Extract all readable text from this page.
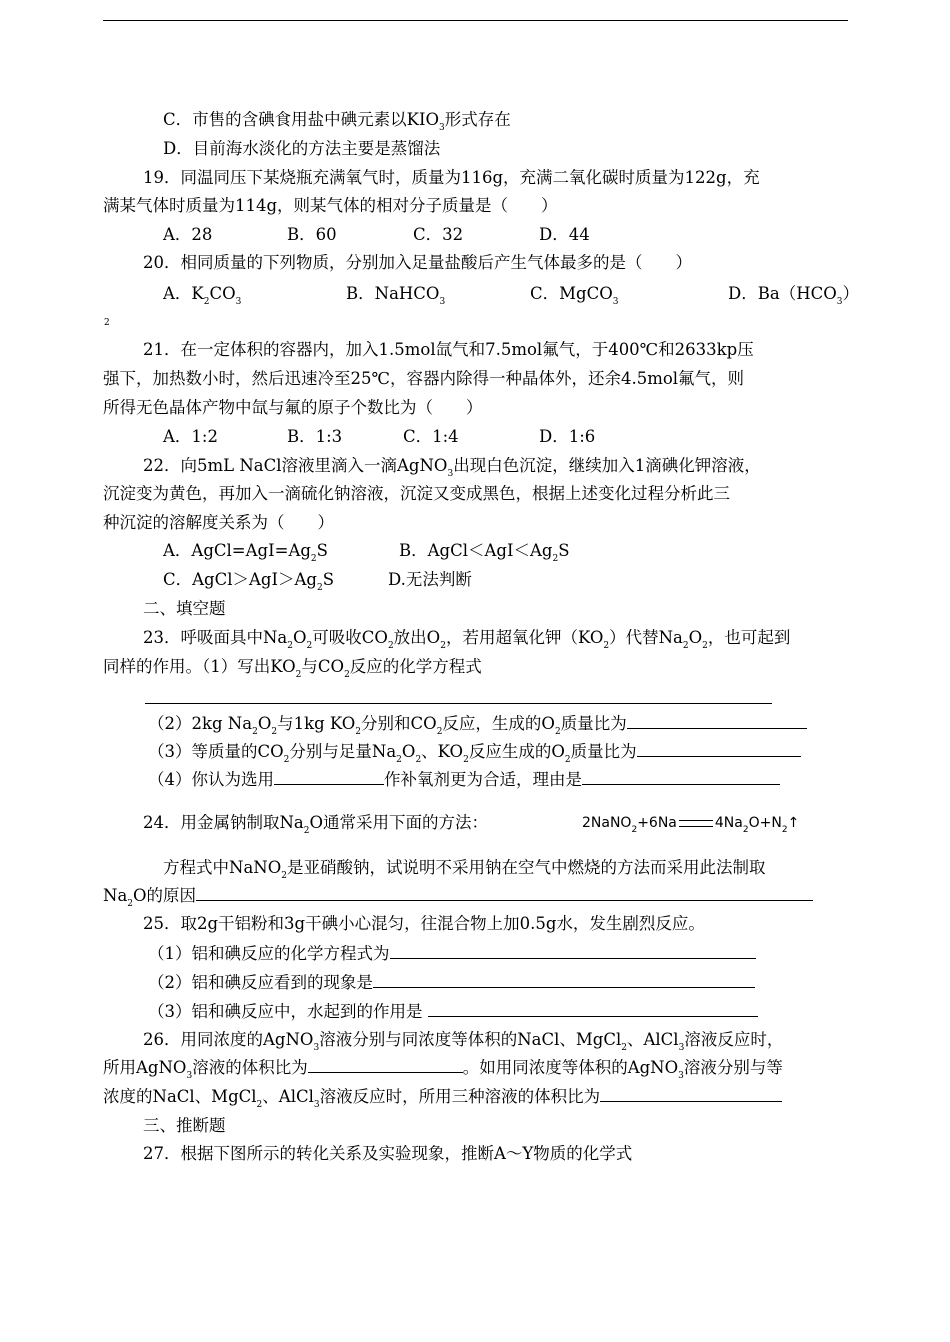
C．市售的含碘食用盐中碘元素以$KIO_3$形式存在
D．目前海水淡化的方法主要是蒸馏法
19．同温同压下某烧瓶充满氧气时，质量为116g，充满二氧化碳时质量为122g，充
满某气体时质量为114g，则某气体的相对分子质量是（　　）
A．28	B．60	C．32	D．44
20．相同质量的下列物质，分别加入足量盐酸后产生气体最多的是（　　）
A．$K_2CO_3$	B．NaHCO$_3$	C．MgCO$_3$	D．$Ba(HCO_3)$
2
21．在一定体积的容器内，加入1.5mol氙气和7.5mol氟气，于400℃和2633kp压
强下，加热数小时，然后迅速冷至25℃，容器内除得一种晶体外，还余4.5mol氟气，则
所得无色晶体产物中氙与氟的原子个数比为（　　）
A．1:2	B．1:3	C．1:4	D．1:6
22．向5mL NaCl溶液里滴入一滴AgNO$_3$出现白色沉淀，继续加入1滴碘化钾溶液，
沉淀变为黄色，再加入一滴硫化钠溶液，沉淀又变成黑色，根据上述变化过程分析此三
种沉淀的溶解度关系为（　　）
A．$AgCl=AgI=Ag_2S$	B．$AgCl<AgI<Ag_2S$
C．$AgCl>AgI>Ag_2S$	D.无法判断
二、填空题
23．呼吸面具中$Na_2O_2$可吸收$CO_2$放出$O_2$，若用超氧化钾$(KO_2)$代替$Na_2O_2$，也可起到
同样的作用。（1）写出$KO_2$与$CO_2$反应的化学方程式
（2）2kg $Na_2O_2$与1kg $KO_2$分别和$CO_2$反应，生成的$O_2$质量比为
（3）等质量的$CO_2$分别与足量$Na_2O_2$、$KO_2$反应生成的$O_2$质量比为
（4）你认为选用	作补氧剂更为合适，理由是
24．用金属钠制取$Na_2O$通常采用下面的方法：	2NaNO$_2$+6Na	$4Na_2O+N_2↑$
方程式中NaNO$_2$是亚硝酸钠，试说明不采用钠在空气中燃烧的方法而采用此法制取
$Na_2O$的原因
25．取2g干铝粉和3g干碘小心混匀，往混合物上加0.5g水，发生剧烈反应。
（1）铝和碘反应的化学方程式为
（2）铝和碘反应看到的现象是
（3）铝和碘反应中，水起到的作用是
26．用同浓度的AgNO$_3$溶液分别与同浓度等体积的NaCl、MgCl$_2$、AlCl$_3$溶液反应时，
所用AgNO$_3$溶液的体积比为	。如用同浓度等体积的AgNO$_3$溶液分别与等
浓度的NaCl、MgCl$_2$、AlCl$_3$溶液反应时，所用三种溶液的体积比为
三、推断题
27．根据下图所示的转化关系及实验现象，推断A～Y物质的化学式
